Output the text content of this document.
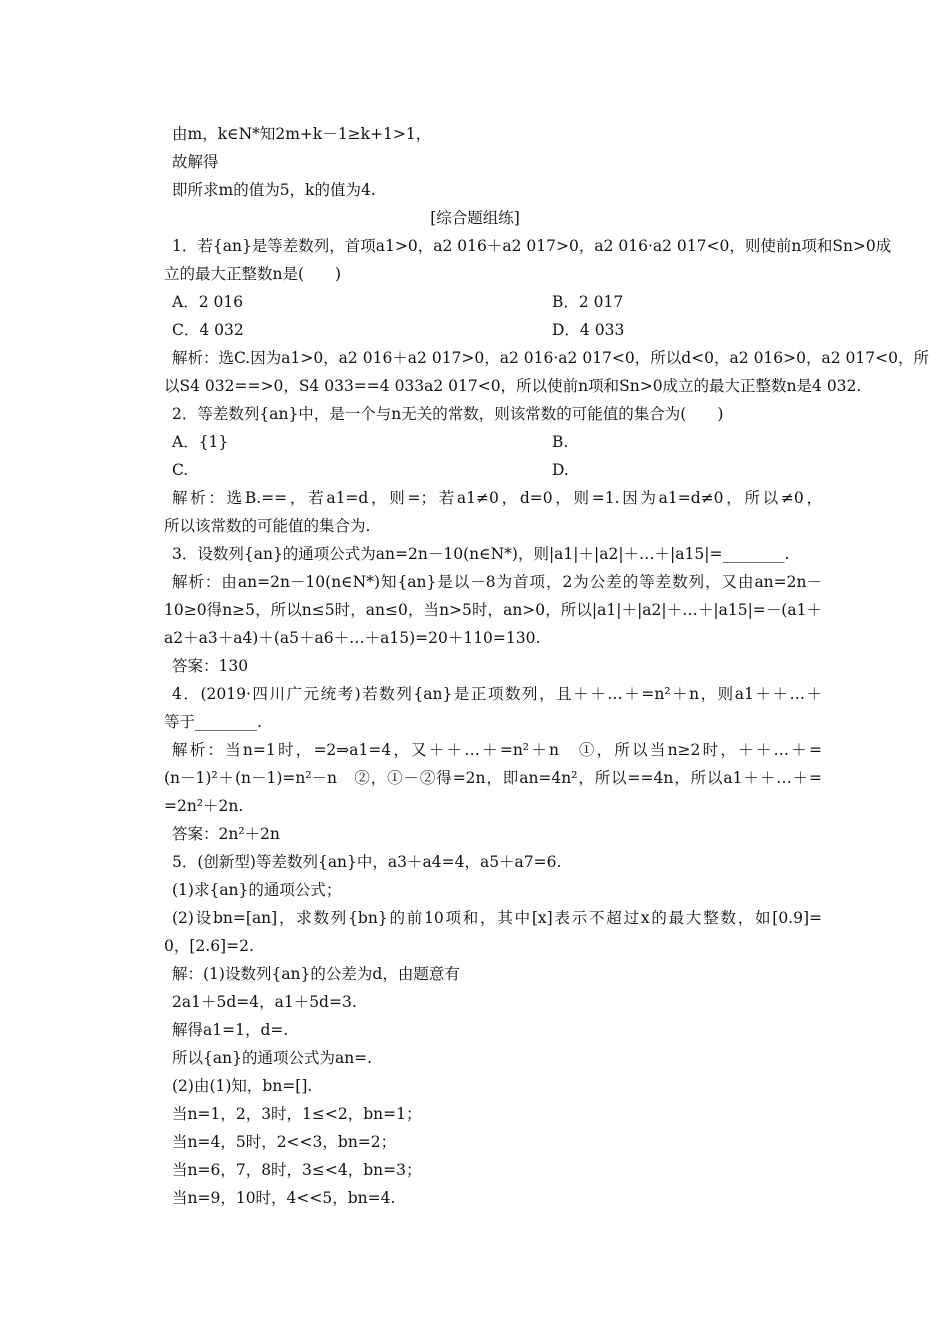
由m，k∈N*知2m+k－1≥k+1>1，
故解得
即所求m的值为5，k的值为4.
[综合题组练]
1．若{an}是等差数列，首项a1>0，a2 016＋a2 017>0，a2 016·a2 017<0，则使前n项和Sn>0成
立的最大正整数n是(　　)
A．2 016	B．2 017
C．4 032	D．4 033
解析：选C.因为a1>0，a2 016＋a2 017>0，a2 016·a2 017<0，所以d<0，a2 016>0，a2 017<0，所
以S4 032==>0，S4 033==4 033a2 017<0，所以使前n项和Sn>0成立的最大正整数n是4 032.
2．等差数列{an}中，是一个与n无关的常数，则该常数的可能值的集合为(　　)
A．{1}	B.
C.	D.
解析：选B.==，若a1=d，则=；若a1≠0，d=0，则=1.因为a1=d≠0，所以≠0，
所以该常数的可能值的集合为.
3．设数列{an}的通项公式为an=2n－10(n∈N*)，则|a1|＋|a2|＋…＋|a15|=________.
解析：由an=2n－10(n∈N*)知{an}是以－8为首项，2为公差的等差数列，又由an=2n－
10≥0得n≥5，所以n≤5时，an≤0，当n>5时，an>0，所以|a1|＋|a2|＋…＋|a15|=－(a1＋
a2＋a3＋a4)＋(a5＋a6＋…＋a15)=20＋110=130.
答案：130
4．(2019·四川广元统考)若数列{an}是正项数列，且＋＋…＋=n²＋n，则a1＋＋…＋
等于________.
解析：当n=1时，=2⇒a1=4，又＋＋…＋=n²＋n　①，所以当n≥2时，＋＋…＋=
(n－1)²＋(n－1)=n²－n　②，①－②得=2n，即an=4n²，所以==4n，所以a1＋＋…＋=
=2n²＋2n.
答案：2n²＋2n
5．(创新型)等差数列{an}中，a3＋a4=4，a5＋a7=6.
(1)求{an}的通项公式；
(2)设bn=[an]，求数列{bn}的前10项和，其中[x]表示不超过x的最大整数，如[0.9]=
0，[2.6]=2.
解：(1)设数列{an}的公差为d，由题意有
2a1＋5d=4，a1＋5d=3.
解得a1=1，d=.
所以{an}的通项公式为an=.
(2)由(1)知，bn=[].
当n=1，2，3时，1≤<2，bn=1；
当n=4，5时，2<<3，bn=2；
当n=6，7，8时，3≤<4，bn=3；
当n=9，10时，4<<5，bn=4.
